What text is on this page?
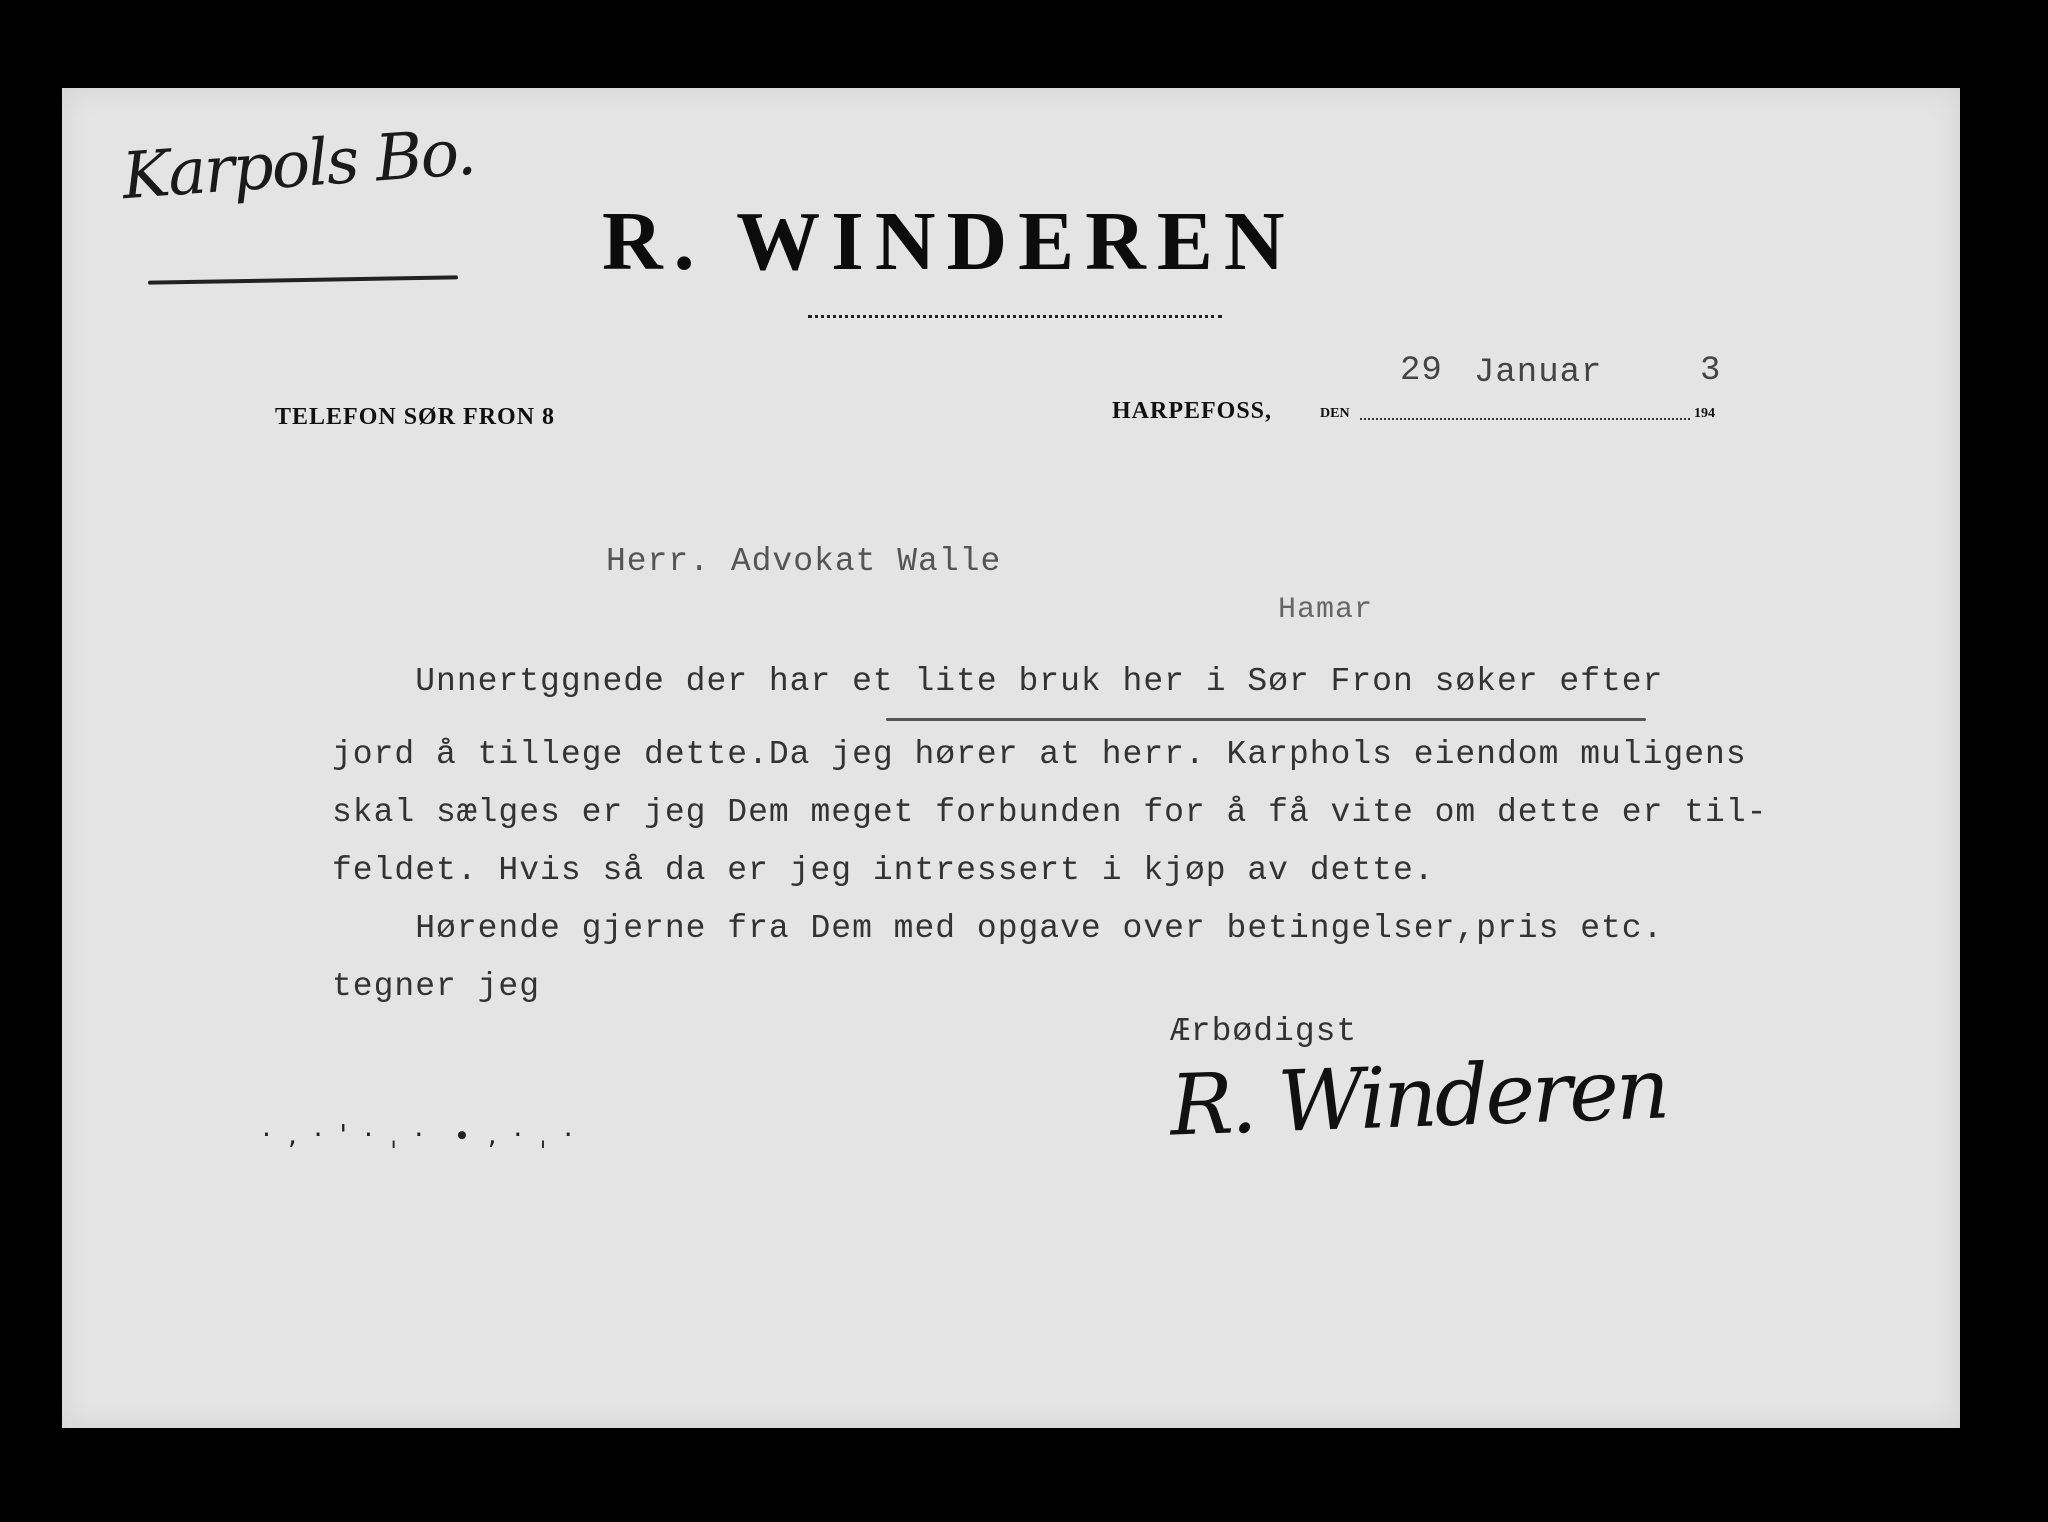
Karpols Bo.
R. WINDEREN
TELEFON SØR FRON 8	HARPEFOSS,	DEN	194
29 Januar	3
Herr. Advokat Walle
Hamar
Unnertggnede der har et lite bruk her i Sør Fron søker efter
jord å tillege dette.Da jeg hører at herr. Karphols eiendom muligens
skal sælges er jeg Dem meget forbunden for å få vite om dette er til-
feldet. Hvis så da er jeg intressert i kjøp av dette.
Hørende gjerne fra Dem med opgave over betingelser,pris etc.
tegner jeg
Ærbødigst
R. Winderen
· ‚ · ' · ˌ ·  ∙ ‚ · ˌ ·
